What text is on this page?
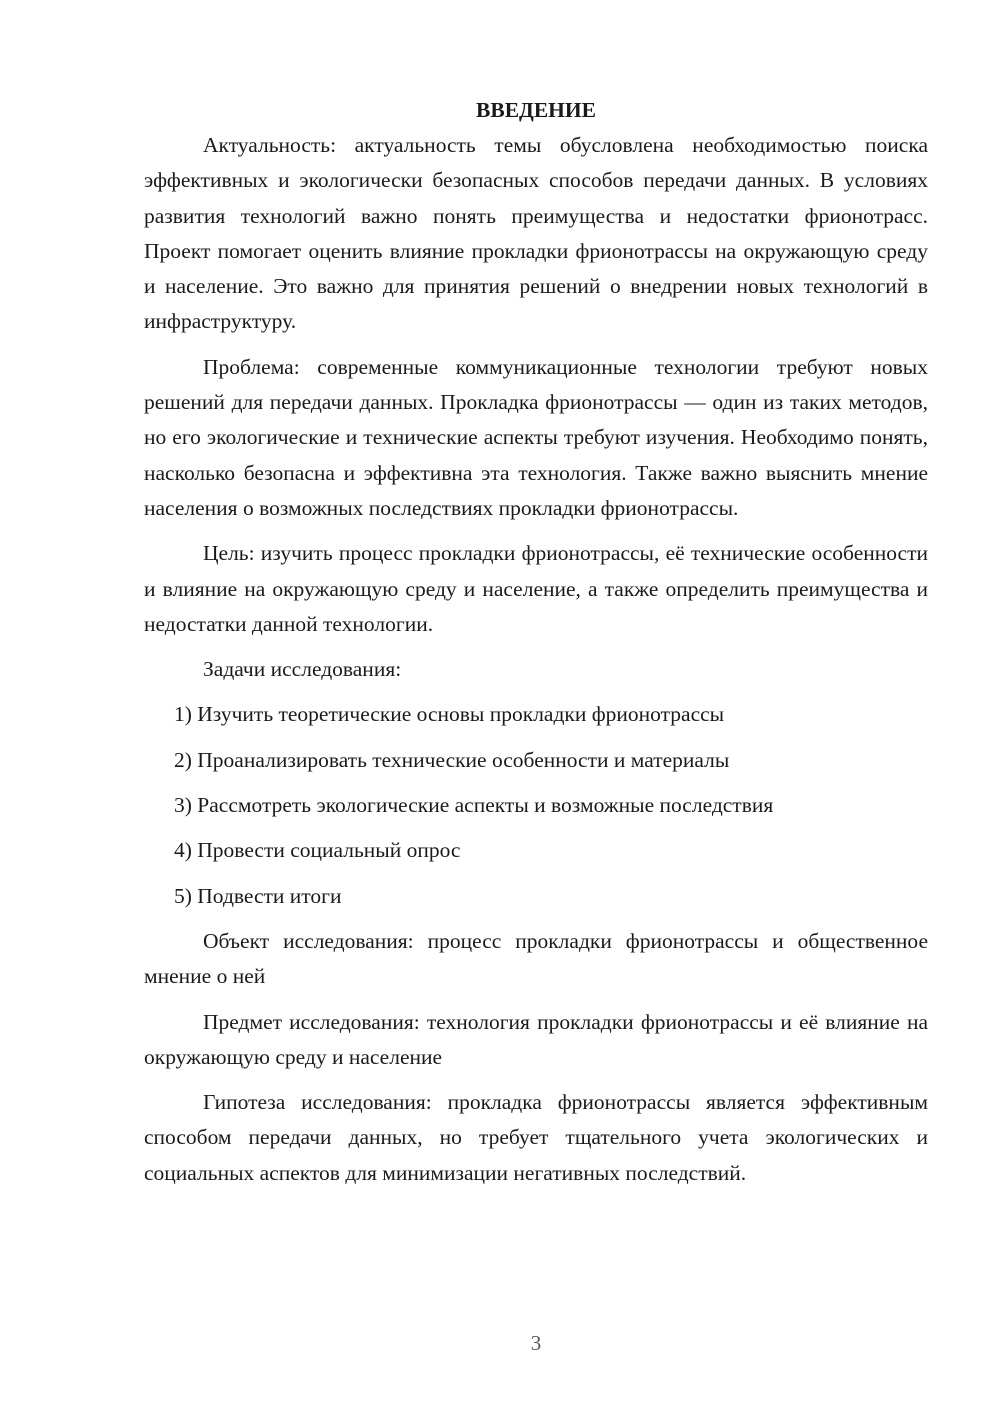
ВВЕДЕНИЕ

Актуальность: актуальность темы обусловлена необходимостью поиска эффективных и экологически безопасных способов передачи данных. В условиях развития технологий важно понять преимущества и недостатки фрионотрасс. Проект помогает оценить влияние прокладки фрионотрассы на окружающую среду и население. Это важно для принятия решений о внедрении новых технологий в инфраструктуру.

Проблема: современные коммуникационные технологии требуют новых решений для передачи данных. Прокладка фрионотрассы — один из таких методов, но его экологические и технические аспекты требуют изучения. Необходимо понять, насколько безопасна и эффективна эта технология. Также важно выяснить мнение населения о возможных последствиях прокладки фрионотрассы.

Цель: изучить процесс прокладки фрионотрассы, её технические особенности и влияние на окружающую среду и население, а также определить преимущества и недостатки данной технологии.

Задачи исследования:

1) Изучить теоретические основы прокладки фрионотрассы

2) Проанализировать технические особенности и материалы

3) Рассмотреть экологические аспекты и возможные последствия

4) Провести социальный опрос

5) Подвести итоги

Объект исследования: процесс прокладки фрионотрассы и общественное мнение о ней

Предмет исследования: технология прокладки фрионотрассы и её влияние на окружающую среду и население

Гипотеза исследования: прокладка фрионотрассы является эффективным способом передачи данных, но требует тщательного учета экологических и социальных аспектов для минимизации негативных последствий.

3
